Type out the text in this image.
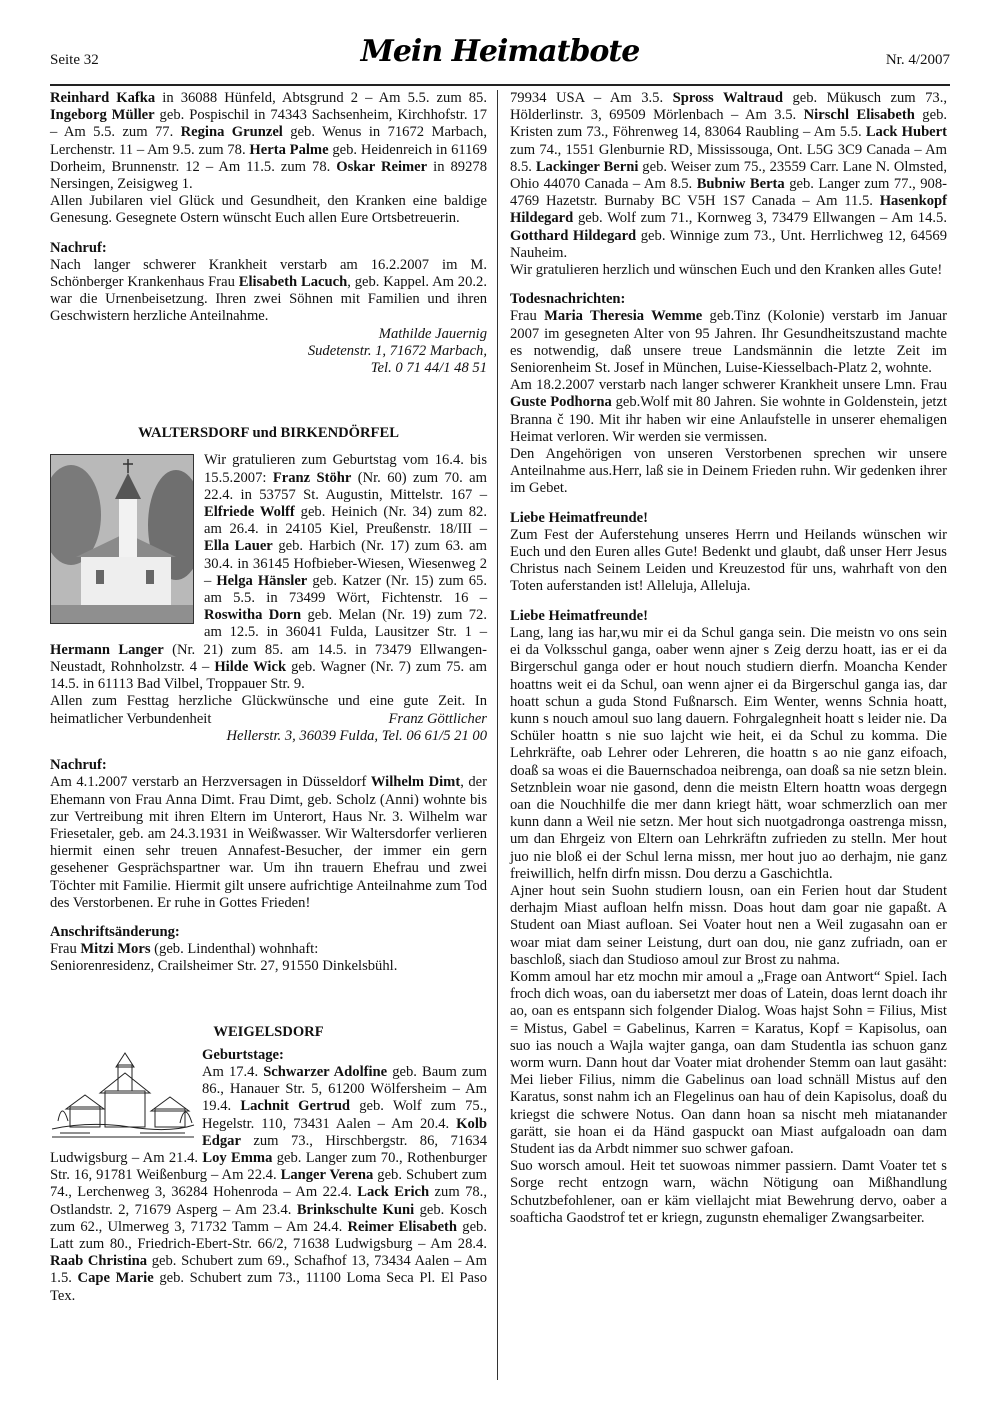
Seite 32	Mein Heimatbote	Nr. 4/2007

Reinhard Kafka in 36088 Hünfeld, Abtsgrund 2 – Am 5.5. zum 85. Ingeborg Müller geb. Pospischil in 74343 Sachsenheim, Kirchhofstr. 17 – Am 5.5. zum 77. Regina Grunzel geb. Wenus in 71672 Marbach, Lerchenstr. 11 – Am 9.5. zum 78. Herta Palme geb. Heidenreich in 61169 Dorheim, Brunnenstr. 12 – Am 11.5. zum 78. Oskar Reimer in 89278 Nersingen, Zeisigweg 1.

Allen Jubilaren viel Glück und Gesundheit, den Kranken eine baldige Genesung. Gesegnete Ostern wünscht Euch allen Eure Ortsbetreuerin.

Nachruf:

Nach langer schwerer Krankheit verstarb am 16.2.2007 im M. Schönberger Krankenhaus Frau Elisabeth Lacuch, geb. Kappel. Am 20.2. war die Urnenbeisetzung. Ihren zwei Söhnen mit Familien und ihren Geschwistern herzliche Anteilnahme.

Mathilde Jauernig

Sudetenstr. 1, 71672 Marbach,

Tel. 0 71 44/1 48 51

WALTERSDORF und BIRKENDÖRFEL

Wir gratulieren zum Geburtstag vom 16.4. bis 15.5.2007: Franz Stöhr (Nr. 60) zum 70. am 22.4. in 53757 St. Augustin, Mittelstr. 167 – Elfriede Wolff geb. Heinich (Nr. 34) zum 82. am 26.4. in 24105 Kiel, Preußenstr. 18/III – Ella Lauer geb. Harbich (Nr. 17) zum 63. am 30.4. in 36145 Hofbieber-Wiesen, Wiesenweg 2 – Helga Hänsler geb. Katzer (Nr. 15) zum 65. am 5.5. in 73499 Wört, Fichtenstr. 16 – Roswitha Dorn geb. Melan (Nr. 19) zum 72. am 12.5. in 36041 Fulda, Lausitzer Str. 1 – Hermann Langer (Nr. 21) zum 85. am 14.5. in 73479 Ellwangen-Neustadt, Rohnholzstr. 4 – Hilde Wick geb. Wagner (Nr. 7) zum 75. am 14.5. in 61113 Bad Vilbel, Troppauer Str. 9.

Allen zum Festtag herzliche Glückwünsche und eine gute Zeit. In heimatlicher Verbundenheit	Franz Göttlicher

Hellerstr. 3, 36039 Fulda, Tel. 06 61/5 21 00

Nachruf:

Am 4.1.2007 verstarb an Herzversagen in Düsseldorf Wilhelm Dimt, der Ehemann von Frau Anna Dimt. Frau Dimt, geb. Scholz (Anni) wohnte bis zur Vertreibung mit ihren Eltern im Unterort, Haus Nr. 3. Wilhelm war Friesetaler, geb. am 24.3.1931 in Weißwasser. Wir Waltersdorfer verlieren hiermit einen sehr treuen Annafest-Besucher, der immer ein gern gesehener Gesprächspartner war. Um ihn trauern Ehefrau und zwei Töchter mit Familie. Hiermit gilt unsere aufrichtige Anteilnahme zum Tod des Verstorbenen. Er ruhe in Gottes Frieden!

Anschriftsänderung:

Frau Mitzi Mors (geb. Lindenthal) wohnhaft:

Seniorenresidenz, Crailsheimer Str. 27, 91550 Dinkelsbühl.

WEIGELSDORF

Geburtstage:

Am 17.4. Schwarzer Adolfine geb. Baum zum 86., Hanauer Str. 5, 61200 Wölfersheim – Am 19.4. Lachnit Gertrud geb. Wolf zum 75., Hegelstr. 110, 73431 Aalen – Am 20.4. Kolb Edgar zum 73., Hirschbergstr. 86, 71634 Ludwigsburg – Am 21.4. Loy Emma geb. Langer zum 70., Rothenburger Str. 16, 91781 Weißenburg – Am 22.4. Langer Verena geb. Schubert zum 74., Lerchenweg 3, 36284 Hohenroda – Am 22.4. Lack Erich zum 78., Ostlandstr. 2, 71679 Asperg – Am 23.4. Brinkschulte Kuni geb. Kosch zum 62., Ulmerweg 3, 71732 Tamm – Am 24.4. Reimer Elisabeth geb. Latt zum 80., Friedrich-Ebert-Str. 66/2, 71638 Ludwigsburg – Am 28.4. Raab Christina geb. Schubert zum 69., Schafhof 13, 73434 Aalen – Am 1.5. Cape Marie geb. Schubert zum 73., 11100 Loma Seca Pl. El Paso Tex.

79934 USA – Am 3.5. Spross Waltraud geb. Mükusch zum 73., Hölderlinstr. 3, 69509 Mörlenbach – Am 3.5. Nirschl Elisabeth geb. Kristen zum 73., Föhrenweg 14, 83064 Raubling – Am 5.5. Lack Hubert zum 74., 1551 Glenburnie RD, Mississouga, Ont. L5G 3C9 Canada – Am 8.5. Lackinger Berni geb. Weiser zum 75., 23559 Carr. Lane N. Olmsted, Ohio 44070 Canada – Am 8.5. Bubniw Berta geb. Langer zum 77., 908-4769 Hazetstr. Burnaby BC V5H 1S7 Canada – Am 11.5. Hasenkopf Hildegard geb. Wolf zum 71., Kornweg 3, 73479 Ellwangen – Am 14.5. Gotthard Hildegard geb. Winnige zum 73., Unt. Herrlichweg 12, 64569 Nauheim.

Wir gratulieren herzlich und wünschen Euch und den Kranken alles Gute!

Todesnachrichten:

Frau Maria Theresia Wemme geb.Tinz (Kolonie) verstarb im Januar 2007 im gesegneten Alter von 95 Jahren. Ihr Gesundheitszustand machte es notwendig, daß unsere treue Landsmännin die letzte Zeit im Seniorenheim St. Josef in München, Luise-Kiesselbach-Platz 2, wohnte.

Am 18.2.2007 verstarb nach langer schwerer Krankheit unsere Lmn. Frau Guste Podhorna geb.Wolf mit 80 Jahren. Sie wohnte in Goldenstein, jetzt Branna č 190. Mit ihr haben wir eine Anlaufstelle in unserer ehemaligen Heimat verloren. Wir werden sie vermissen.

Den Angehörigen von unseren Verstorbenen sprechen wir unsere Anteilnahme aus.Herr, laß sie in Deinem Frieden ruhn. Wir gedenken ihrer im Gebet.

Liebe Heimatfreunde!

Zum Fest der Auferstehung unseres Herrn und Heilands wünschen wir Euch und den Euren alles Gute! Bedenkt und glaubt, daß unser Herr Jesus Christus nach Seinem Leiden und Kreuzestod für uns, wahrhaft von den Toten auferstanden ist! Alleluja, Alleluja.

Liebe Heimatfreunde!

Lang, lang ias har,wu mir ei da Schul ganga sein. Die meistn vo ons sein ei da Volksschul ganga, oaber wenn ajner s Zeig derzu hoatt, ias er ei da Birgerschul ganga oder er hout nouch studiern dierfn. Moancha Kender hoattns weit ei da Schul, oan wenn ajner ei da Birgerschul ganga ias, dar hoatt schun a guda Stond Fußnarsch. Eim Wenter, wenns Schnia hoatt, kunn s nouch amoul suo lang dauern. Fohrgalegnheit hoatt s leider nie. Da Schüler hoattn s nie suo lajcht wie heit, ei da Schul zu komma. Die Lehrkräfte, oab Lehrer oder Lehreren, die hoattn s ao nie ganz eifoach, doaß sa woas ei die Bauernschadoa neibrenga, oan doaß sa nie setzn blein. Setznblein woar nie gasond, denn die meistn Eltern hoattn woas dergegn oan die Nouchhilfe die mer dann kriegt hätt, woar schmerzlich oan mer kunn dann a Weil nie setzn. Mer hout sich nuotgadronga oastrenga missn, um dan Ehrgeiz von Eltern oan Lehrkräftn zufrieden zu stelln. Mer hout juo nie bloß ei der Schul lerna missn, mer hout juo ao derhajm, nie ganz freiwillich, helfn dirfn missn. Dou derzu a Gaschichtla.

Ajner hout sein Suohn studiern lousn, oan ein Ferien hout dar Student derhajm Miast aufloan helfn missn. Doas hout dam goar nie gapaßt. A Student oan Miast aufloan. Sei Voater hout nen a Weil zugasahn oan er woar miat dam seiner Leistung, durt oan dou, nie ganz zufriadn, oan er baschloß, siach dan Studioso amoul zur Brost zu nahma.

Komm amoul har etz mochn mir amoul a „Frage oan Antwort“ Spiel. Iach froch dich woas, oan du iabersetzt mer doas of Latein, doas lernt doach ihr ao, oan es entspann sich folgender Dialog. Woas hajst Sohn = Filius, Mist = Mistus, Gabel = Gabelinus, Karren = Karatus, Kopf = Kapisolus, oan suo ias nouch a Wajla wajter ganga, oan dam Studentla ias schuon ganz worm wurn. Dann hout dar Voater miat drohender Stemm oan laut gasäht: Mei lieber Filius, nimm die Gabelinus oan load schnäll Mistus auf den Karatus, sonst nahm ich an Flegelinus oan hau of dein Kapisolus, doaß du kriegst die schwere Notus. Oan dann hoan sa nischt meh miatanander garätt, sie hoan ei da Händ gaspuckt oan Miast aufgaloadn oan dam Student ias da Arbdt nimmer suo schwer gafoan.

Suo worsch amoul. Heit tet suowoas nimmer passiern. Damt Voater tet s Sorge recht entzogn warn, wächn Nötigung oan Mißhandlung Schutzbefohlener, oan er käm viellajcht miat Bewehrung dervo, oaber a soafticha Gaodstrof tet er kriegn, zugunstn ehemaliger Zwangsarbeiter.
